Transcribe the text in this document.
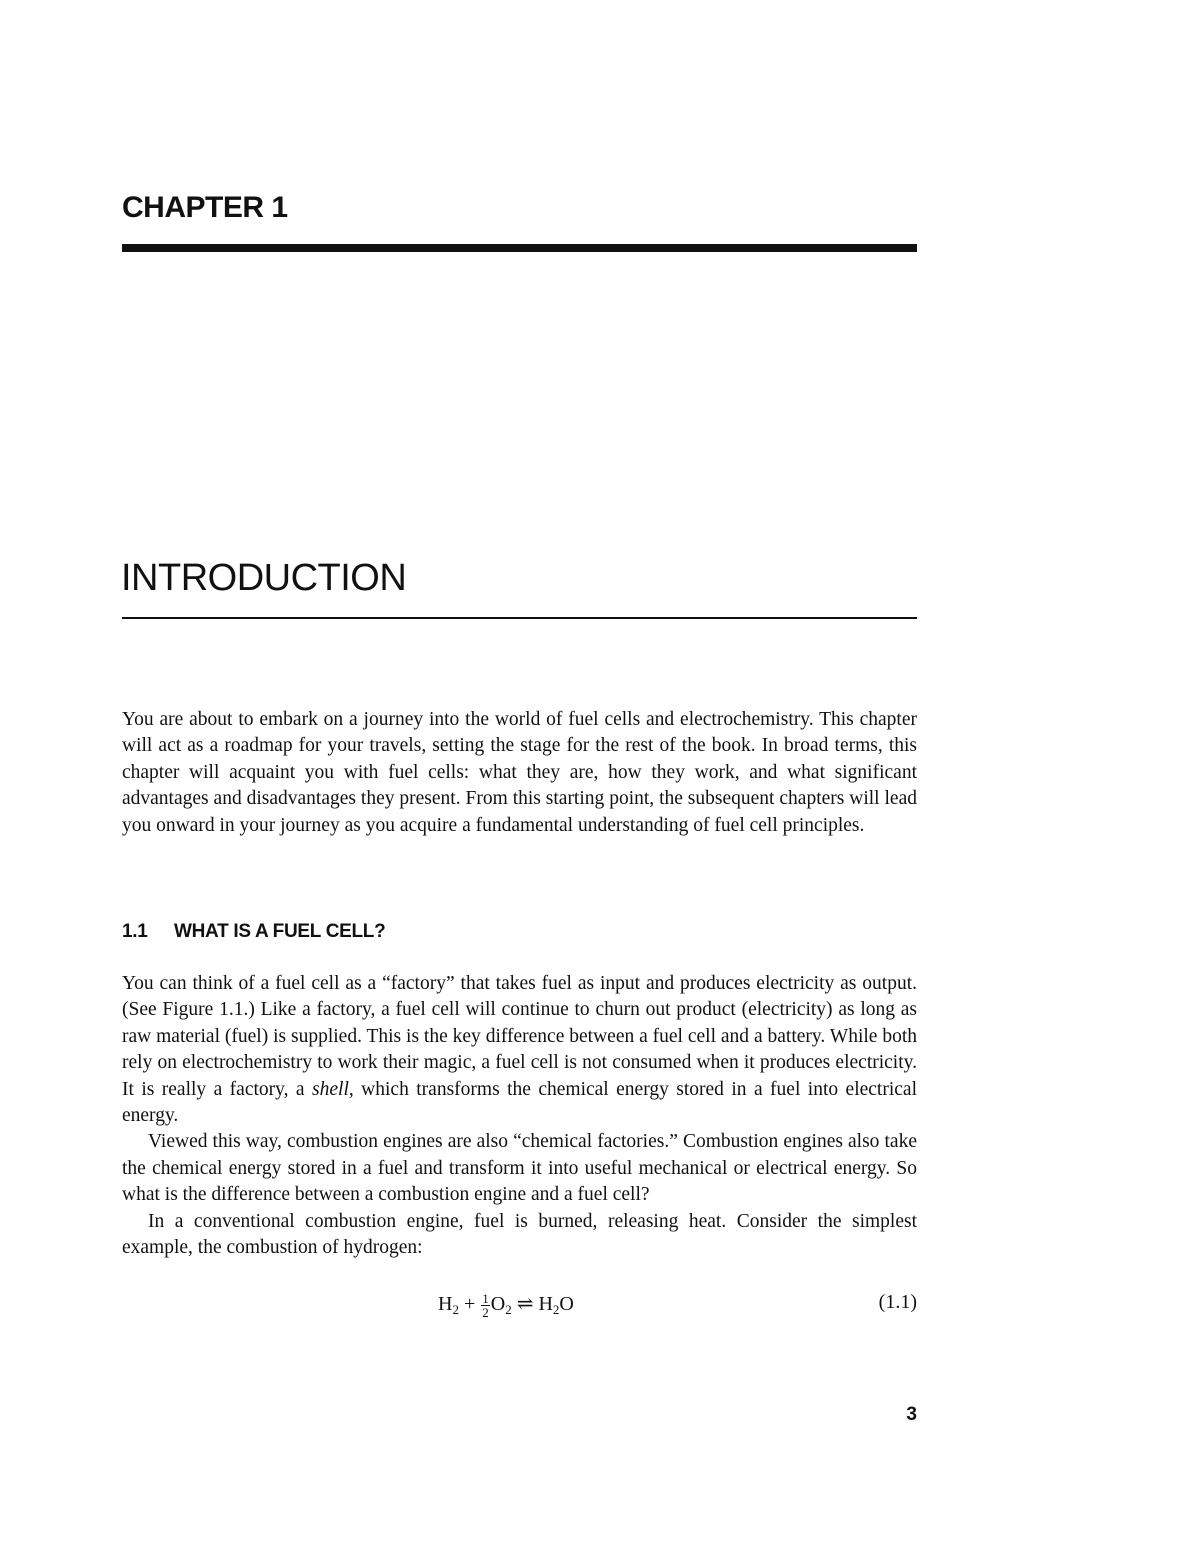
CHAPTER 1
INTRODUCTION

You are about to embark on a journey into the world of fuel cells and electrochemistry. This chapter will act as a roadmap for your travels, setting the stage for the rest of the book. In broad terms, this chapter will acquaint you with fuel cells: what they are, how they work, and what significant advantages and disadvantages they present. From this starting point, the subsequent chapters will lead you onward in your journey as you acquire a fundamental understanding of fuel cell principles.

1.1 WHAT IS A FUEL CELL?

You can think of a fuel cell as a “factory” that takes fuel as input and produces electricity as output. (See Figure 1.1.) Like a factory, a fuel cell will continue to churn out product (electricity) as long as raw material (fuel) is supplied. This is the key difference between a fuel cell and a battery. While both rely on electrochemistry to work their magic, a fuel cell is not consumed when it produces electricity. It is really a factory, a shell, which transforms the chemical energy stored in a fuel into electrical energy.

Viewed this way, combustion engines are also “chemical factories.” Combustion engines also take the chemical energy stored in a fuel and transform it into useful mechanical or electrical energy. So what is the difference between a combustion engine and a fuel cell?

In a conventional combustion engine, fuel is burned, releasing heat. Consider the simplest example, the combustion of hydrogen:

$H_2 + \frac{1}{2} O_2$ ⇌ $H_2O$	(1.1)

3
